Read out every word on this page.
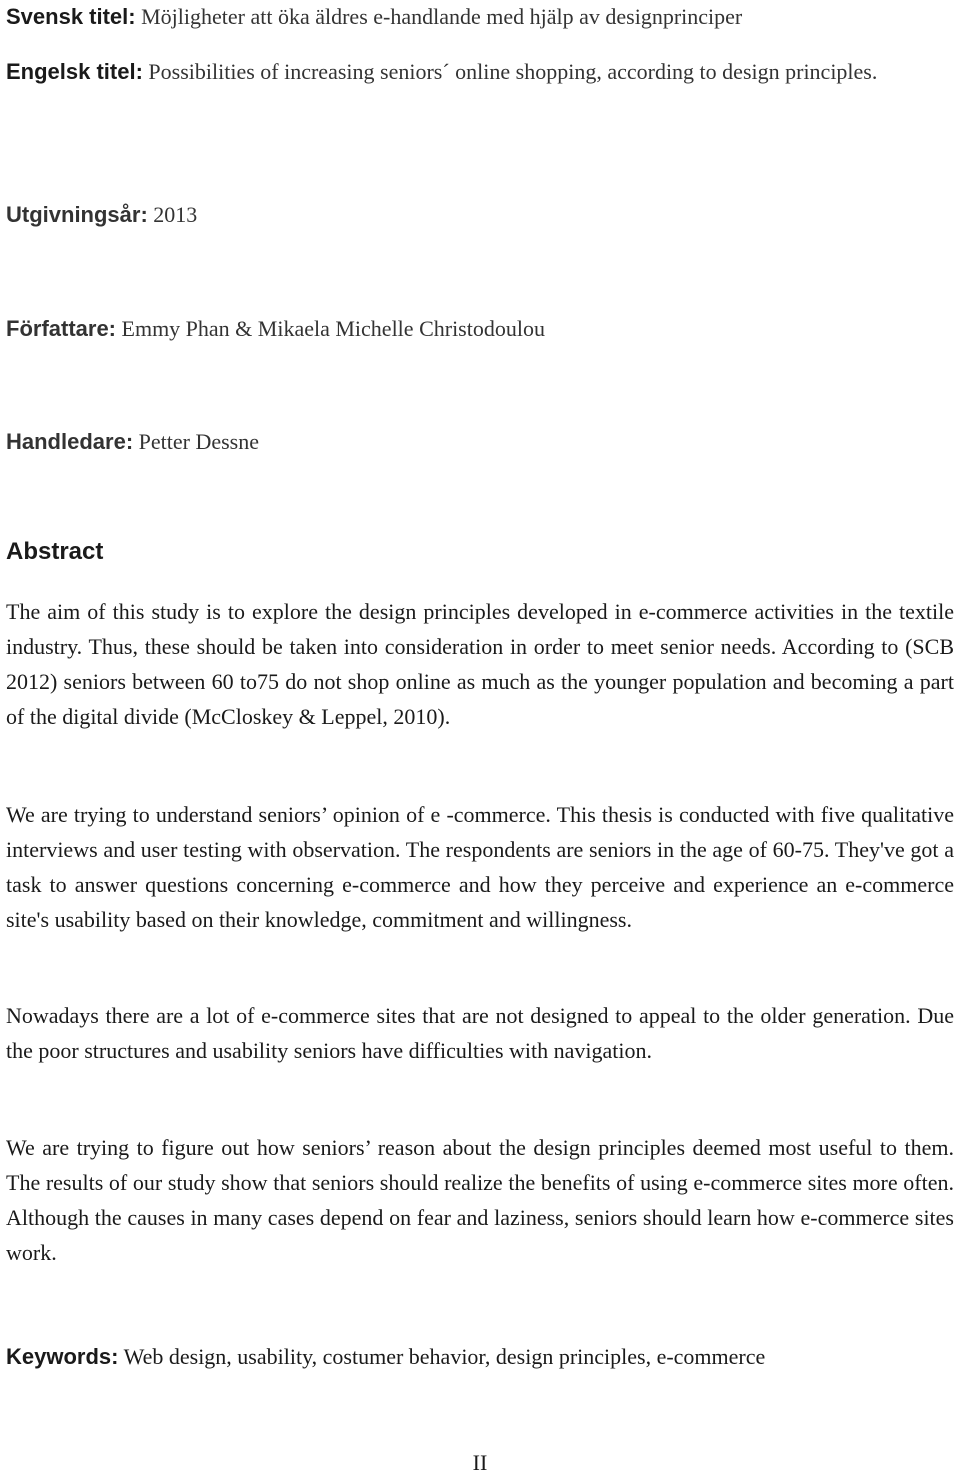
Svensk titel: Möjligheter att öka äldres e-handlande med hjälp av designprinciper
Engelsk titel: Possibilities of increasing seniors´ online shopping, according to design principles.
Utgivningsår: 2013
Författare: Emmy Phan & Mikaela Michelle Christodoulou
Handledare: Petter Dessne
Abstract

The aim of this study is to explore the design principles developed in e-commerce activities in the textile industry. Thus, these should be taken into consideration in order to meet senior needs. According to (SCB 2012) seniors between 60 to75 do not shop online as much as the younger population and becoming a part of the digital divide (McCloskey & Leppel, 2010).

We are trying to understand seniors’ opinion of e -commerce. This thesis is conducted with five qualitative interviews and user testing with observation. The respondents are seniors in the age of 60-75. They've got a task to answer questions concerning e-commerce and how they perceive and experience an e-commerce site's usability based on their knowledge, commitment and willingness.

Nowadays there are a lot of e-commerce sites that are not designed to appeal to the older generation. Due the poor structures and usability seniors have difficulties with navigation.

We are trying to figure out how seniors’ reason about the design principles deemed most useful to them. The results of our study show that seniors should realize the benefits of using e-commerce sites more often. Although the causes in many cases depend on fear and laziness, seniors should learn how e-commerce sites work.

Keywords: Web design, usability, costumer behavior, design principles, e-commerce
II
